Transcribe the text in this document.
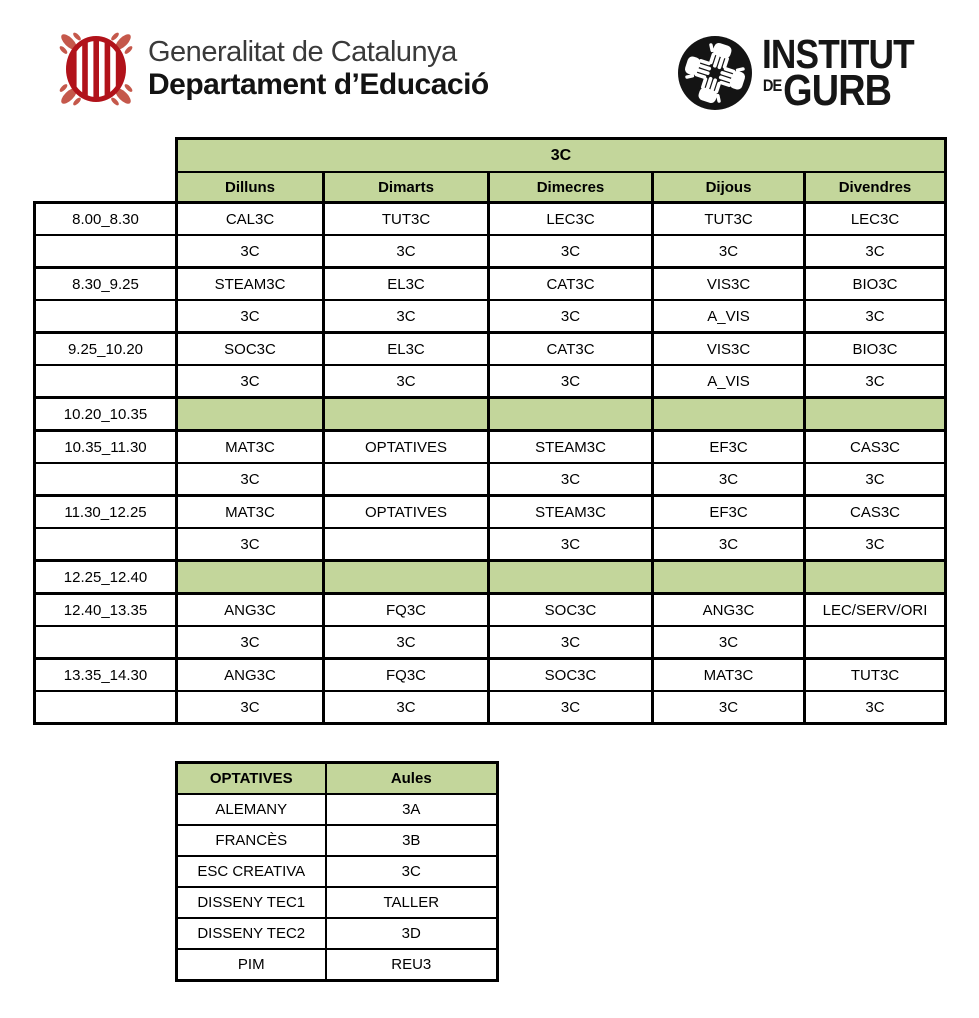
Generalitat de Catalunya
Departament d’Educació
INSTITUT
DE GURB
	3C				
	Dilluns	Dimarts	Dimecres	Dijous	Divendres
8.00_8.30	CAL3C	TUT3C	LEC3C	TUT3C	LEC3C
	3C	3C	3C	3C	3C
8.30_9.25	STEAM3C	EL3C	CAT3C	VIS3C	BIO3C
	3C	3C	3C	A_VIS	3C
9.25_10.20	SOC3C	EL3C	CAT3C	VIS3C	BIO3C
	3C	3C	3C	A_VIS	3C
10.20_10.35					
10.35_11.30	MAT3C	OPTATIVES	STEAM3C	EF3C	CAS3C
	3C		3C	3C	3C
11.30_12.25	MAT3C	OPTATIVES	STEAM3C	EF3C	CAS3C
	3C		3C	3C	3C
12.25_12.40					
12.40_13.35	ANG3C	FQ3C	SOC3C	ANG3C	LEC/SERV/ORI
	3C	3C	3C	3C	
13.35_14.30	ANG3C	FQ3C	SOC3C	MAT3C	TUT3C
	3C	3C	3C	3C	3C
OPTATIVES	Aules
ALEMANY	3A
FRANCÈS	3B
ESC CREATIVA	3C
DISSENY TEC1	TALLER
DISSENY TEC2	3D
PIM	REU3
